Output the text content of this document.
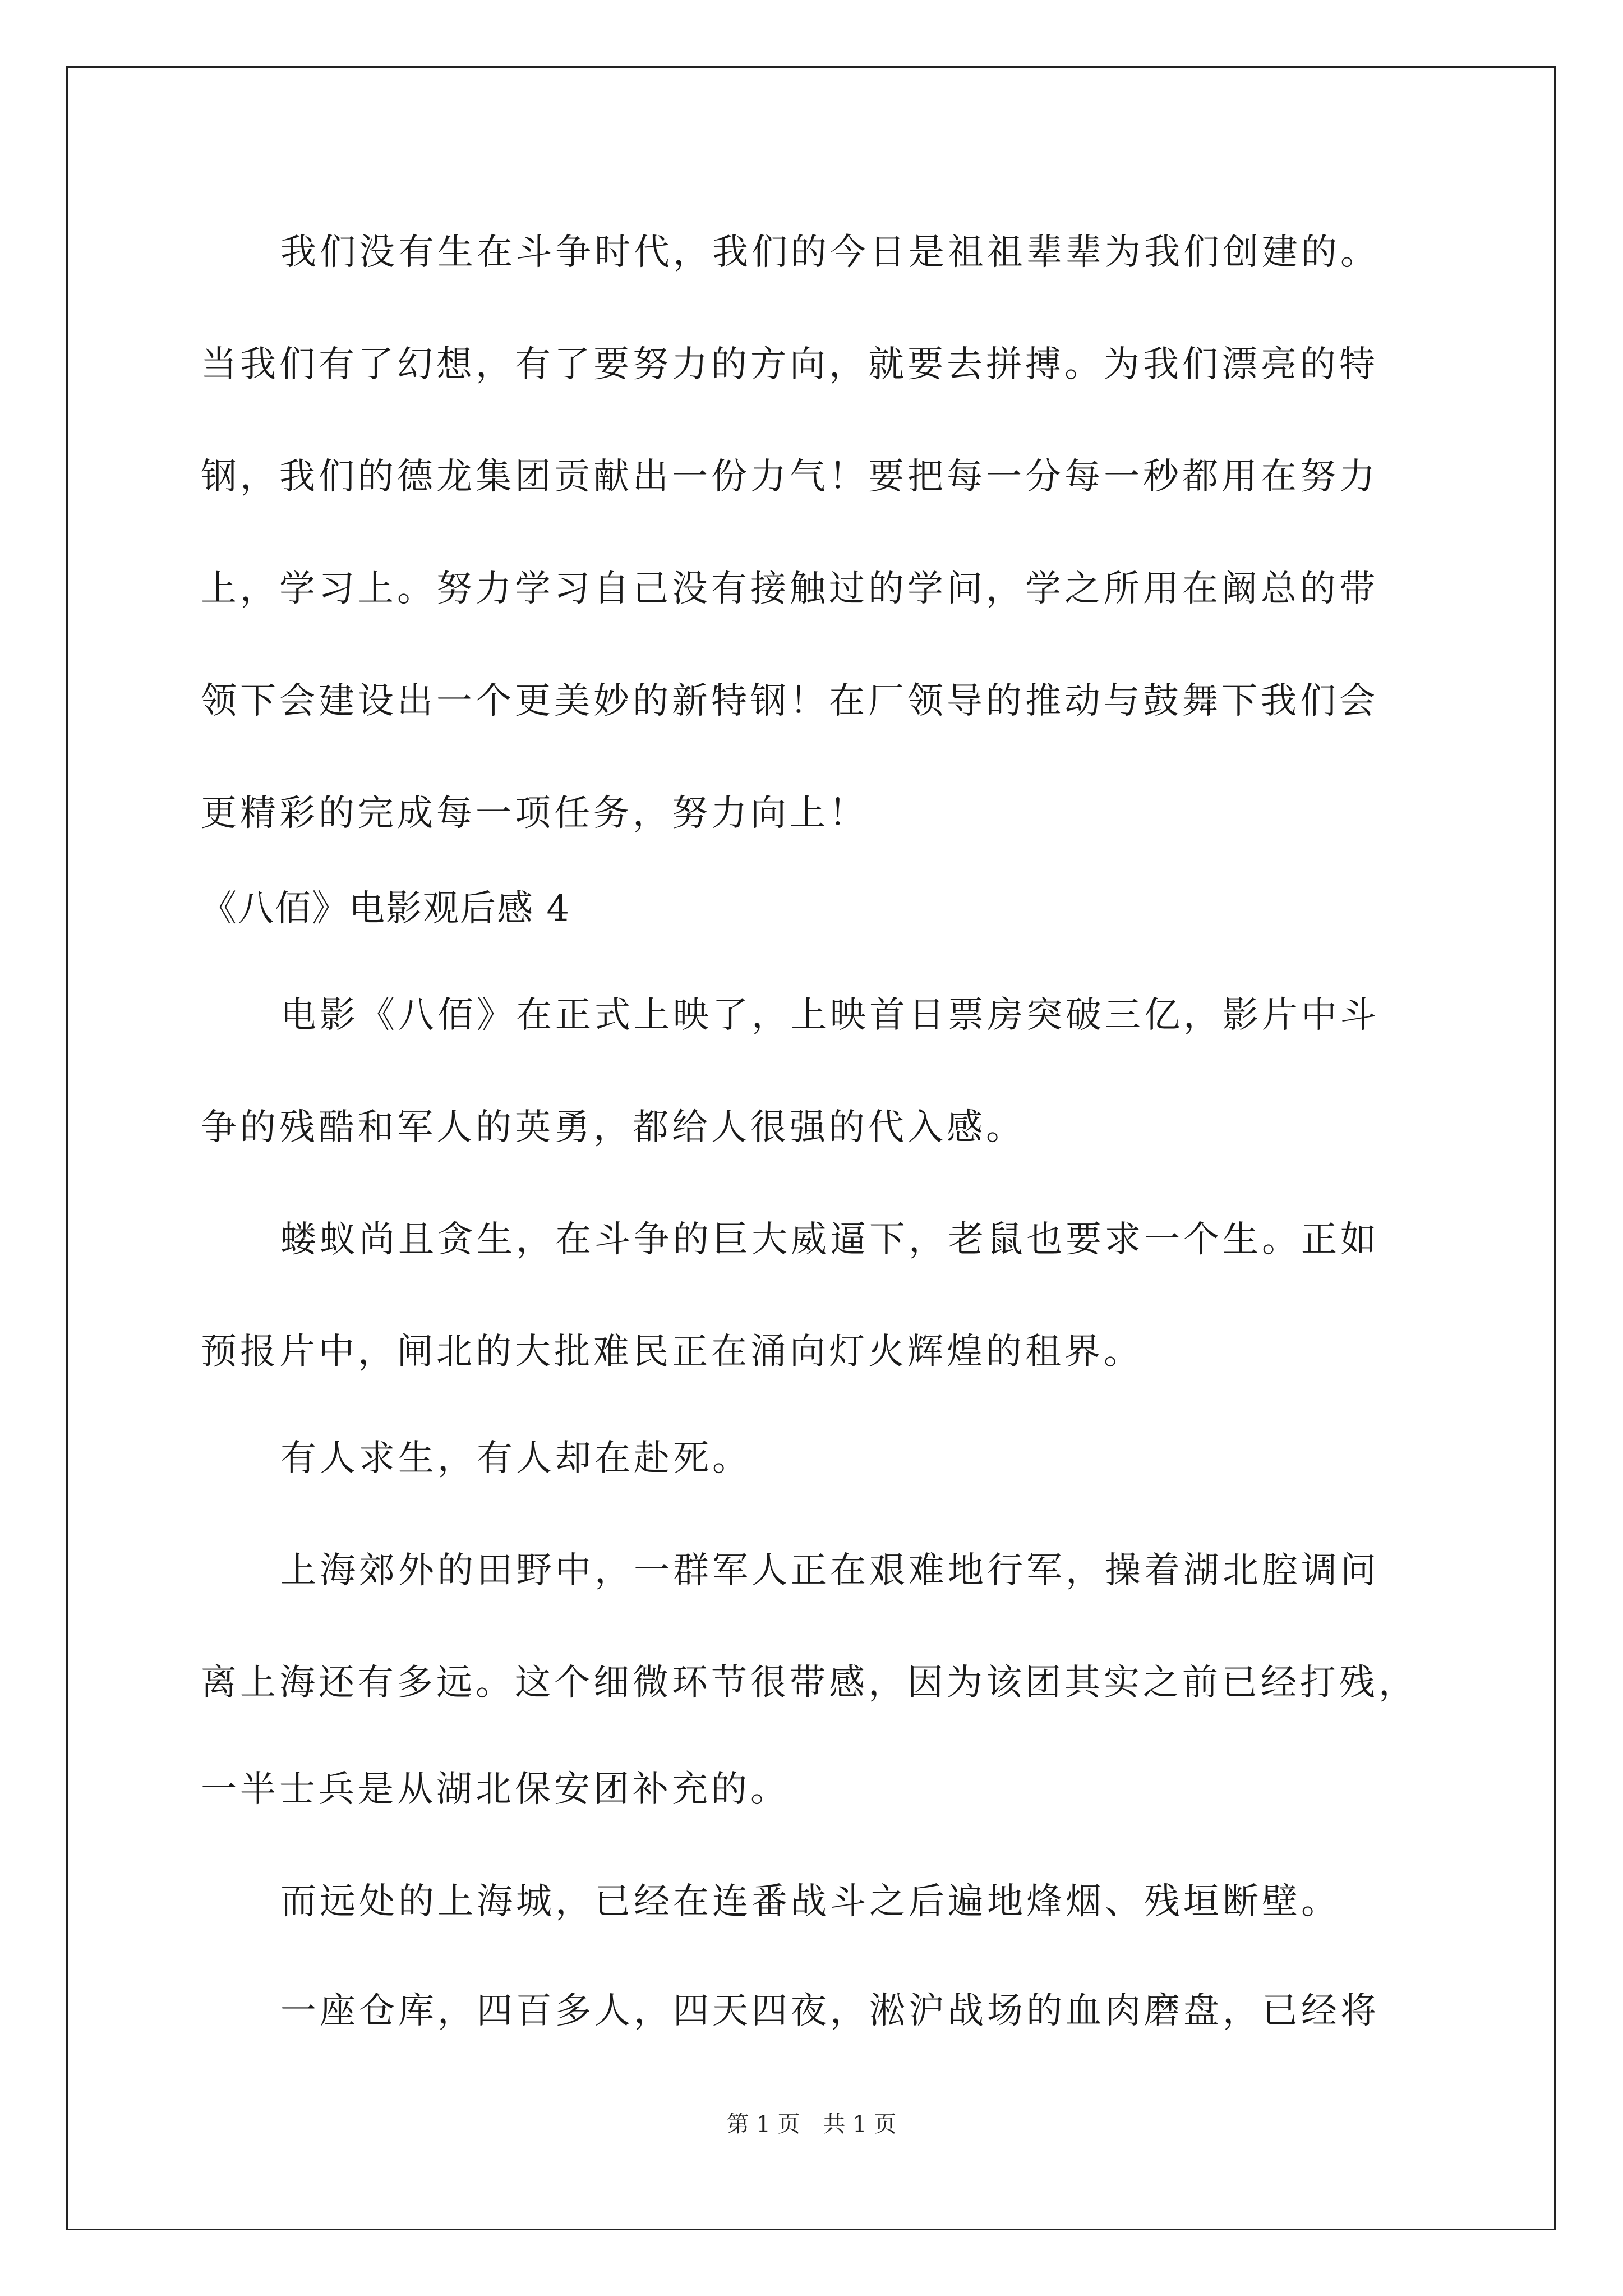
我们没有生在斗争时代，我们的今日是祖祖辈辈为我们创建的。
当我们有了幻想，有了要努力的方向，就要去拼搏。为我们漂亮的特
钢，我们的德龙集团贡献出一份力气！要把每一分每一秒都用在努力
上，学习上。努力学习自己没有接触过的学问，学之所用在阚总的带
领下会建设出一个更美妙的新特钢！在厂领导的推动与鼓舞下我们会
更精彩的完成每一项任务，努力向上！
《八佰》电影观后感 4
电影《八佰》在正式上映了，上映首日票房突破三亿，影片中斗
争的残酷和军人的英勇，都给人很强的代入感。
蝼蚁尚且贪生，在斗争的巨大威逼下，老鼠也要求一个生。正如
预报片中，闸北的大批难民正在涌向灯火辉煌的租界。
有人求生，有人却在赴死。
上海郊外的田野中，一群军人正在艰难地行军，操着湖北腔调问
离上海还有多远。这个细微环节很带感，因为该团其实之前已经打残，
一半士兵是从湖北保安团补充的。
而远处的上海城，已经在连番战斗之后遍地烽烟、残垣断壁。
一座仓库，四百多人，四天四夜，淞沪战场的血肉磨盘，已经将
第 1 页 共 1 页
